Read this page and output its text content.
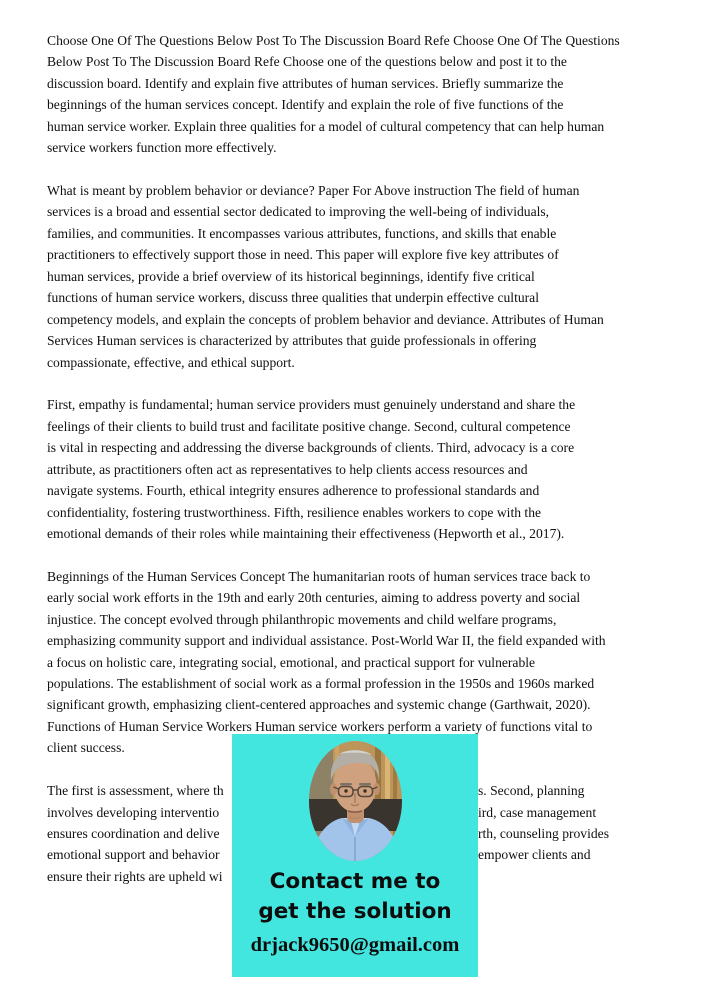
Choose One Of The Questions Below Post To The Discussion Board Refe Choose One Of The Questions
Below Post To The Discussion Board Refe Choose one of the questions below and post it to the
discussion board. Identify and explain five attributes of human services. Briefly summarize the
beginnings of the human services concept. Identify and explain the role of five functions of the
human service worker. Explain three qualities for a model of cultural competency that can help human
service workers function more effectively.
What is meant by problem behavior or deviance? Paper For Above instruction The field of human
services is a broad and essential sector dedicated to improving the well-being of individuals,
families, and communities. It encompasses various attributes, functions, and skills that enable
practitioners to effectively support those in need. This paper will explore five key attributes of
human services, provide a brief overview of its historical beginnings, identify five critical
functions of human service workers, discuss three qualities that underpin effective cultural
competency models, and explain the concepts of problem behavior and deviance. Attributes of Human
Services Human services is characterized by attributes that guide professionals in offering
compassionate, effective, and ethical support.
First, empathy is fundamental; human service providers must genuinely understand and share the
feelings of their clients to build trust and facilitate positive change. Second, cultural competence
is vital in respecting and addressing the diverse backgrounds of clients. Third, advocacy is a core
attribute, as practitioners often act as representatives to help clients access resources and
navigate systems. Fourth, ethical integrity ensures adherence to professional standards and
confidentiality, fostering trustworthiness. Fifth, resilience enables workers to cope with the
emotional demands of their roles while maintaining their effectiveness (Hepworth et al., 2017).
Beginnings of the Human Services Concept The humanitarian roots of human services trace back to
early social work efforts in the 19th and early 20th centuries, aiming to address poverty and social
injustice. The concept evolved through philanthropic movements and child welfare programs,
emphasizing community support and individual assistance. Post-World War II, the field expanded with
a focus on holistic care, integrating social, emotional, and practical support for vulnerable
populations. The establishment of social work as a formal profession in the 1950s and 1960s marked
significant growth, emphasizing client-centered approaches and systemic change (Garthwait, 2020).
Functions of Human Service Workers Human service workers perform a variety of functions vital to
client success.
The first is assessment, where th	s. Second, planning
involves developing interventio	ird, case management
ensures coordination and delive	rth, counseling provides
emotional support and behavior	empower clients and
ensure their rights are upheld wi	Contact me to
get the solution
drjack9650@gmail.com
